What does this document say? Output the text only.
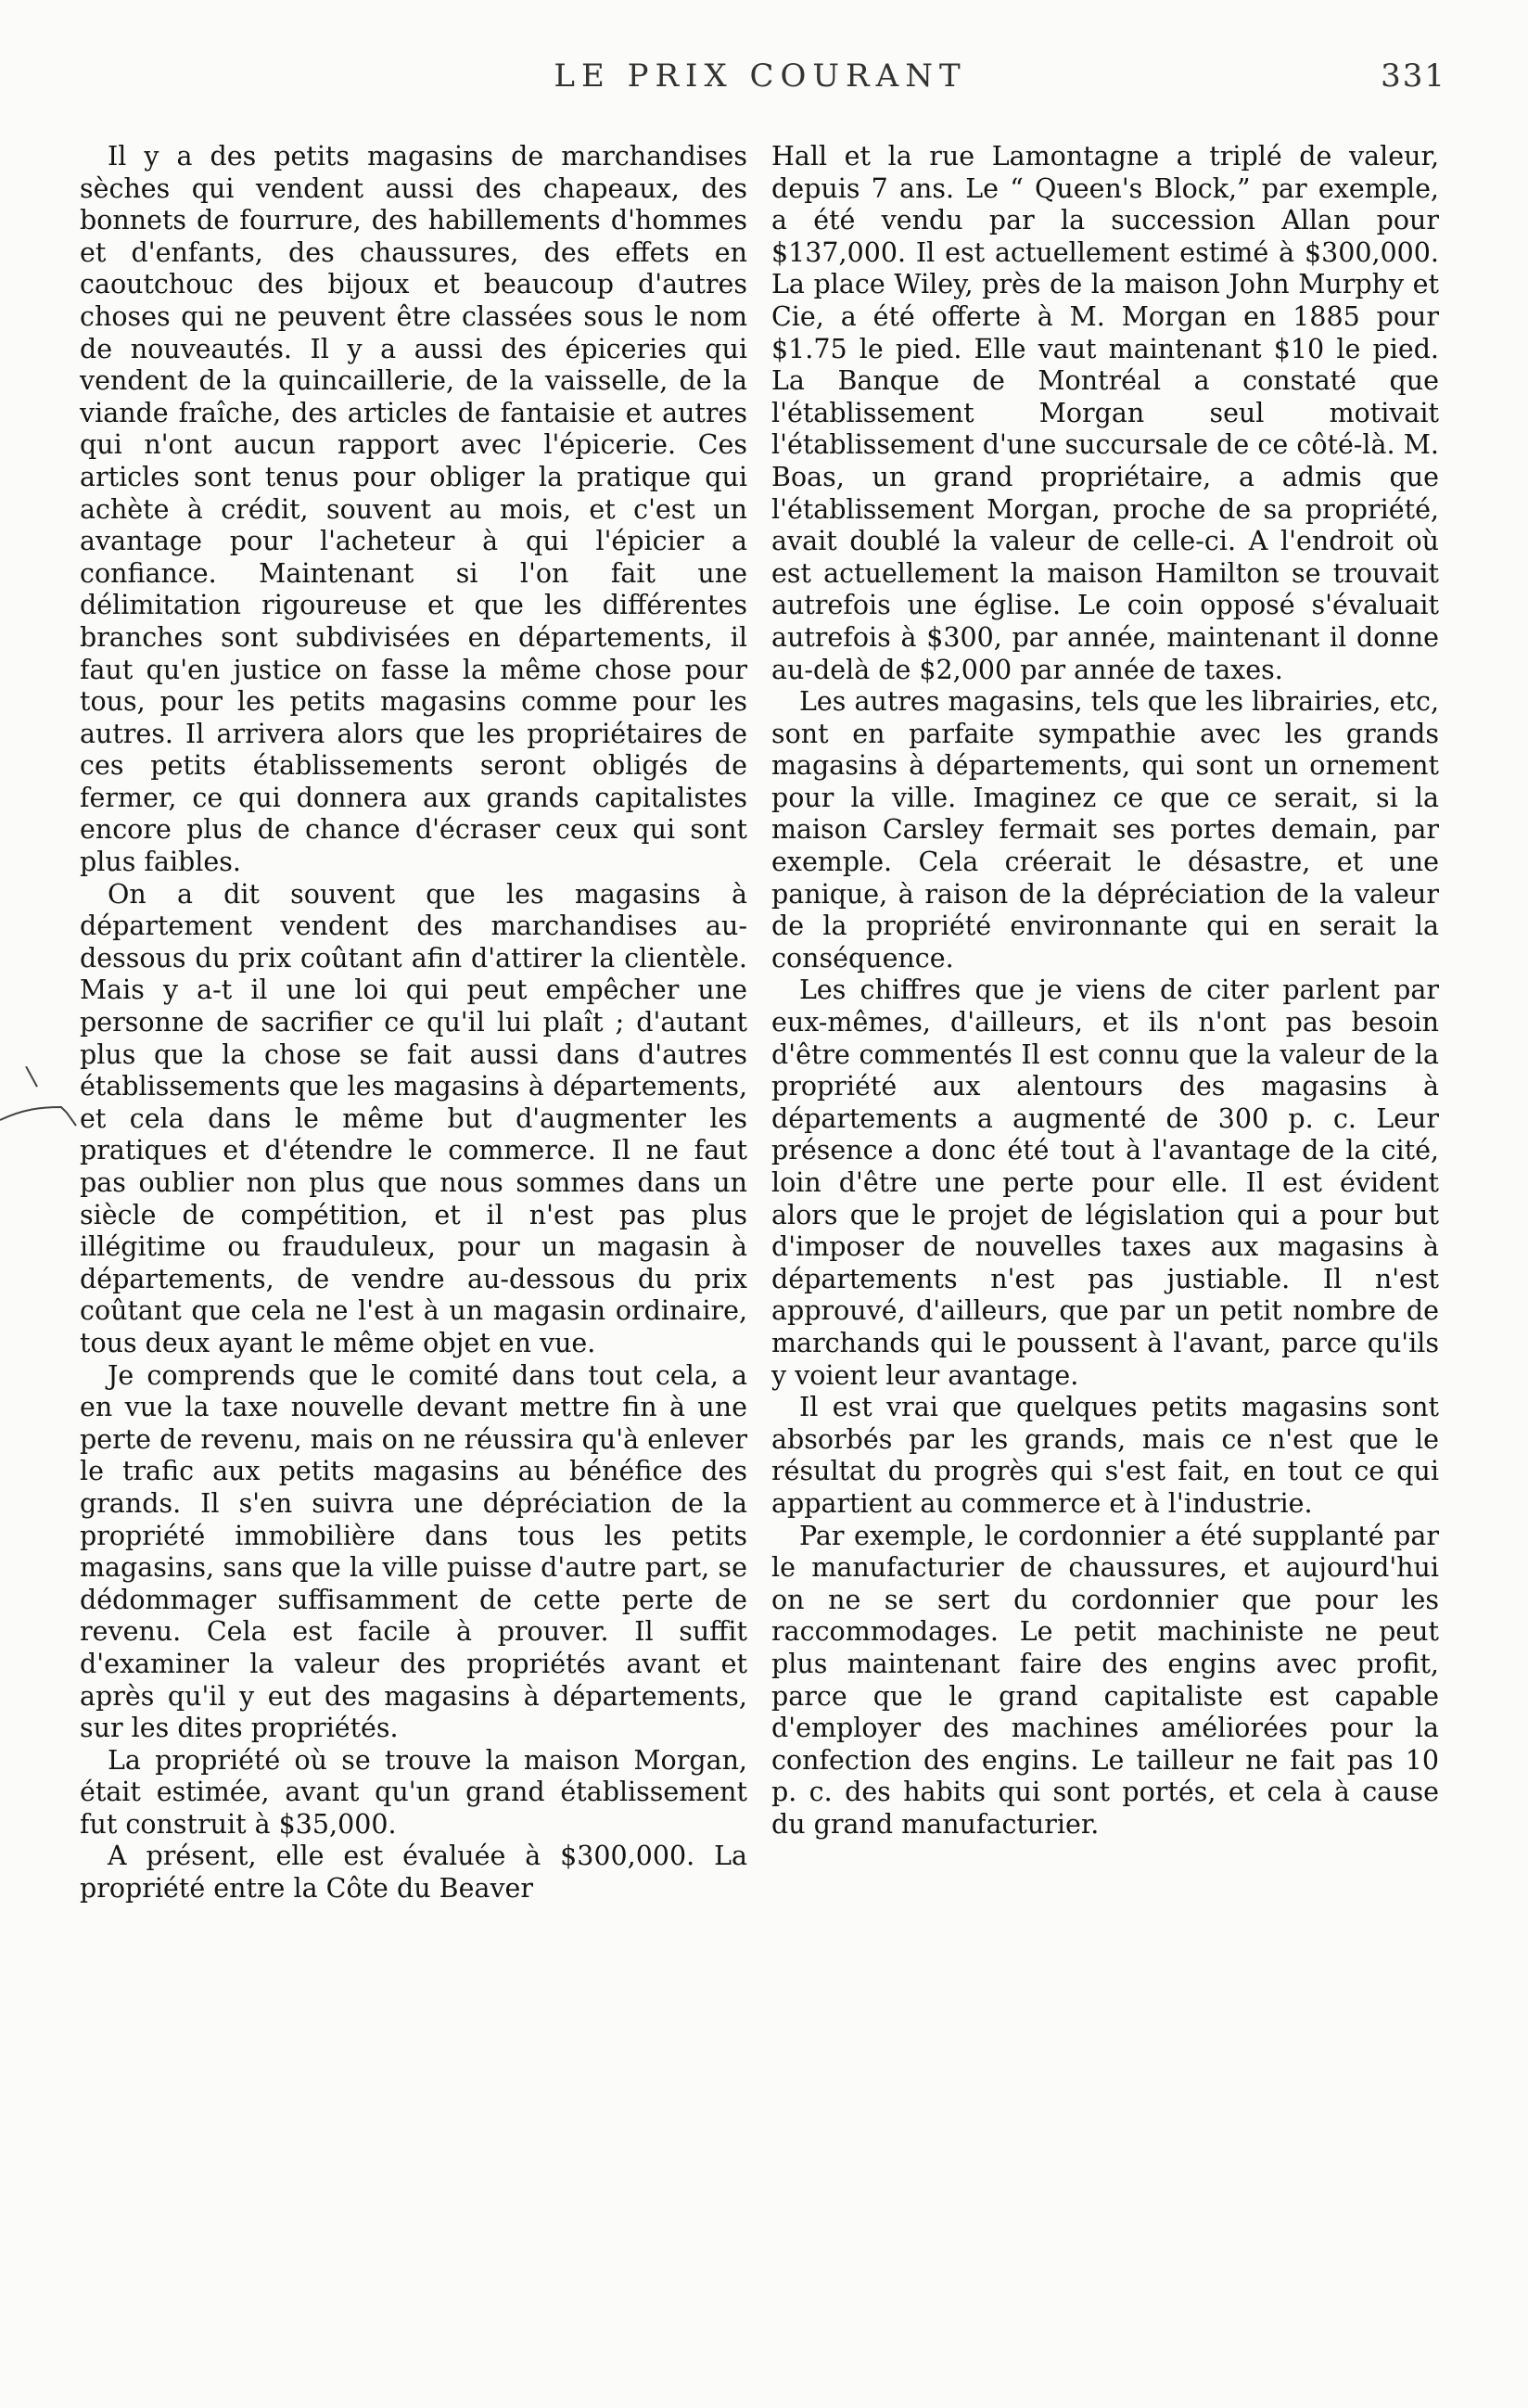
LE PRIX COURANT	331

Il y a des petits magasins de marchandises sèches qui vendent aussi des chapeaux, des bonnets de fourrure, des habillements d'hommes et d'enfants, des chaussures, des effets en caoutchouc des bijoux et beaucoup d'autres choses qui ne peuvent être classées sous le nom de nouveautés. Il y a aussi des épiceries qui vendent de la quincaillerie, de la vaisselle, de la viande fraîche, des articles de fantaisie et autres qui n'ont aucun rapport avec l'épicerie. Ces articles sont tenus pour obliger la pratique qui achète à crédit, souvent au mois, et c'est un avantage pour l'acheteur à qui l'épicier a confiance. Maintenant si l'on fait une délimitation rigoureuse et que les différentes branches sont subdivisées en départements, il faut qu'en justice on fasse la même chose pour tous, pour les petits magasins comme pour les autres. Il arrivera alors que les propriétaires de ces petits établissements seront obligés de fermer, ce qui donnera aux grands capitalistes encore plus de chance d'écraser ceux qui sont plus faibles.

On a dit souvent que les magasins à département vendent des marchandises au-dessous du prix coûtant afin d'attirer la clientèle. Mais y a-t il une loi qui peut empêcher une personne de sacrifier ce qu'il lui plaît ; d'autant plus que la chose se fait aussi dans d'autres établissements que les magasins à départements, et cela dans le même but d'augmenter les pratiques et d'étendre le commerce. Il ne faut pas oublier non plus que nous sommes dans un siècle de compétition, et il n'est pas plus illégitime ou frauduleux, pour un magasin à départements, de vendre au-dessous du prix coûtant que cela ne l'est à un magasin ordinaire, tous deux ayant le même objet en vue.

Je comprends que le comité dans tout cela, a en vue la taxe nouvelle devant mettre fin à une perte de revenu, mais on ne réussira qu'à enlever le trafic aux petits magasins au bénéfice des grands. Il s'en suivra une dépréciation de la propriété immobilière dans tous les petits magasins, sans que la ville puisse d'autre part, se dédommager suffisamment de cette perte de revenu. Cela est facile à prouver. Il suffit d'examiner la valeur des propriétés avant et après qu'il y eut des magasins à départements, sur les dites propriétés.

La propriété où se trouve la maison Morgan, était estimée, avant qu'un grand établissement fut construit à $35,000.

A présent, elle est évaluée à $300,000. La propriété entre la Côte du Beaver

Hall et la rue Lamontagne a triplé de valeur, depuis 7 ans. Le “ Queen's Block,” par exemple, a été vendu par la succession Allan pour $137,000. Il est actuellement estimé à $300,000. La place Wiley, près de la maison John Murphy et Cie, a été offerte à M. Morgan en 1885 pour $1.75 le pied. Elle vaut maintenant $10 le pied. La Banque de Montréal a constaté que l'établissement Morgan seul motivait l'établissement d'une succursale de ce côté-là. M. Boas, un grand propriétaire, a admis que l'établissement Morgan, proche de sa propriété, avait doublé la valeur de celle-ci. A l'endroit où est actuellement la maison Hamilton se trouvait autrefois une église. Le coin opposé s'évaluait autrefois à $300, par année, maintenant il donne au-delà de $2,000 par année de taxes.

Les autres magasins, tels que les librairies, etc, sont en parfaite sympathie avec les grands magasins à départements, qui sont un ornement pour la ville. Imaginez ce que ce serait, si la maison Carsley fermait ses portes demain, par exemple. Cela créerait le désastre, et une panique, à raison de la dépréciation de la valeur de la propriété environnante qui en serait la conséquence.

Les chiffres que je viens de citer parlent par eux-mêmes, d'ailleurs, et ils n'ont pas besoin d'être commentés Il est connu que la valeur de la propriété aux alentours des magasins à départements a augmenté de 300 p. c. Leur présence a donc été tout à l'avantage de la cité, loin d'être une perte pour elle. Il est évident alors que le projet de législation qui a pour but d'imposer de nouvelles taxes aux magasins à départements n'est pas justiable. Il n'est approuvé, d'ailleurs, que par un petit nombre de marchands qui le poussent à l'avant, parce qu'ils y voient leur avantage.

Il est vrai que quelques petits magasins sont absorbés par les grands, mais ce n'est que le résultat du progrès qui s'est fait, en tout ce qui appartient au commerce et à l'industrie.

Par exemple, le cordonnier a été supplanté par le manufacturier de chaussures, et aujourd'hui on ne se sert du cordonnier que pour les raccommodages. Le petit machiniste ne peut plus maintenant faire des engins avec profit, parce que le grand capitaliste est capable d'employer des machines améliorées pour la confection des engins. Le tailleur ne fait pas 10 p. c. des habits qui sont portés, et cela à cause du grand manufacturier.
